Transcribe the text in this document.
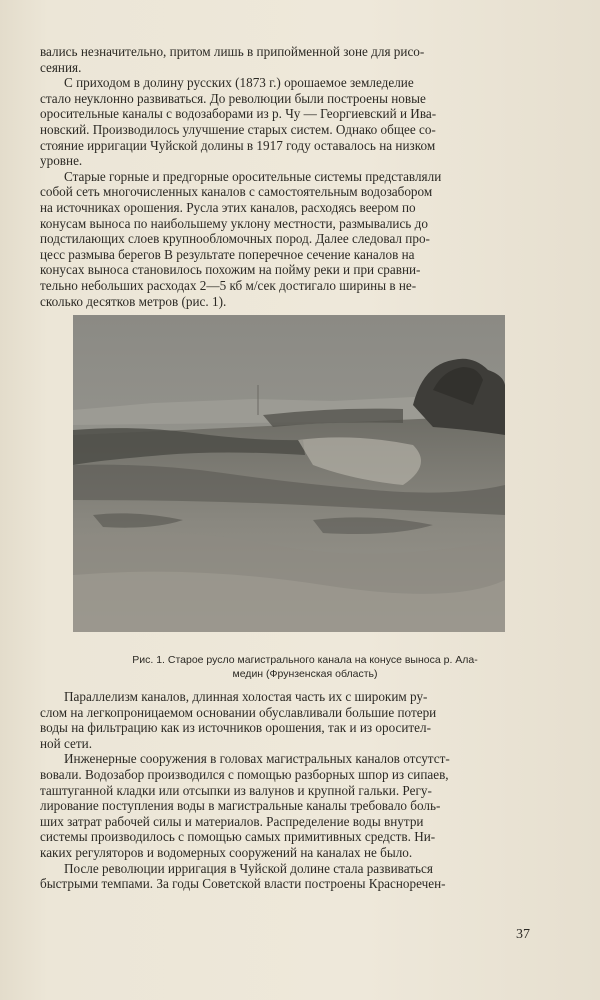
вались незначительно, притом лишь в припойменной зоне для рисо-

сеяния.

С приходом в долину русских (1873 г.) орошаемое земледелие

стало неуклонно развиваться. До революции были построены новые

оросительные каналы с водозаборами из р. Чу — Георгиевский и Ива-

новский. Производилось улучшение старых систем. Однако общее со-

стояние ирригации Чуйской долины в 1917 году оставалось на низком

уровне.

Старые горные и предгорные оросительные системы представляли

собой сеть многочисленных каналов с самостоятельным водозабором

на источниках орошения. Русла этих каналов, расходясь веером по

конусам выноса по наибольшему уклону местности, размывались до

подстилающих слоев крупнообломочных пород. Далее следовал про-

цесс размыва берегов В результате поперечное сечение каналов на

конусах выноса становилось похожим на пойму реки и при сравни-

тельно небольших расходах 2—5 кб м/сек достигало ширины в не-

сколько десятков метров (рис. 1).

Рис. 1. Старое русло магистрального канала на конусе выноса р. Ала-
медин (Фрунзенская область)

Параллелизм каналов, длинная холостая часть их с широким ру-

слом на легкопроницаемом основании обуславливали большие потери

воды на фильтрацию как из источников орошения, так и из оросител-

ной сети.

Инженерные сооружения в головах магистральных каналов отсутст-

вовали. Водозабор производился с помощью разборных шпор из сипаев,

таштуганной кладки или отсыпки из валунов и крупной гальки. Регу-

лирование поступления воды в магистральные каналы требовало боль-

ших затрат рабочей силы и материалов. Распределение воды внутри

системы производилось с помощью самых примитивных средств. Ни-

каких регуляторов и водомерных сооружений на каналах не было.

После революции ирригация в Чуйской долине стала развиваться

быстрыми темпами. За годы Советской власти построены Красноречен-

37
